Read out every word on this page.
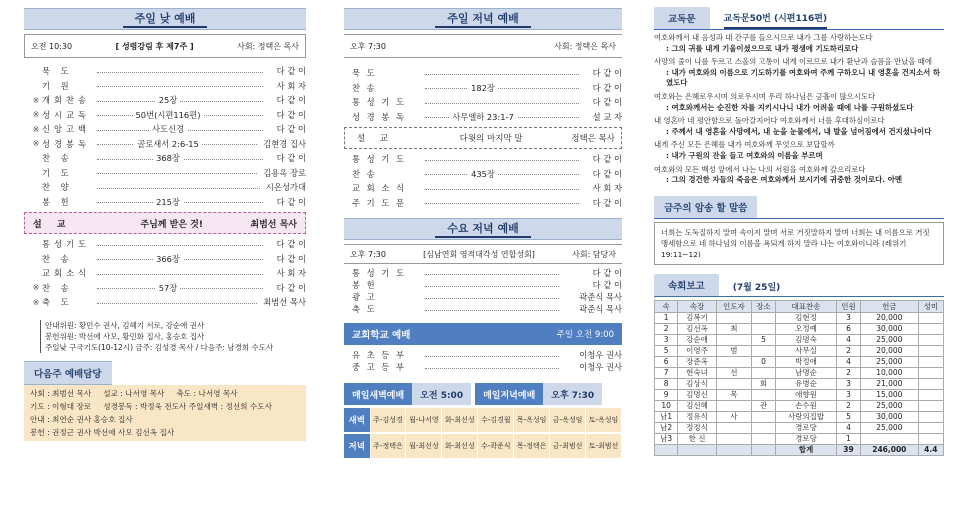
주일 낮 예배
오전 10:30	[ 성령강림 후 제7주 ]	사회: 정택은 목사
묵 도	다 같 이
기 원	사 회 자
※ 개회찬송	25장	다 같 이
※ 성시교독	50번(시편116편)	다 같 이
※ 신앙고백	사도신경	다 같 이
※ 성경봉독	골로새서 2:6-15	김현경 집사
찬 송	368장	다 같 이
기 도	김용옥 장로
찬 양	시온성가대
봉 헌	215장	다 같 이
설 교	주님께 받은 것!	최범선 목사
통성기도	다 같 이
찬 송	366장	다 같 이
교회소식	사 회 자
※ 찬 송	57장	다 같 이
※ 축 도	최범선 목사
안내위원: 황민수 권사, 김혜기 서로, 강순애 권사
봉헌위원: 박선애 사모, 황민화 집사, 홍승호 집사
주일낮 구국기도(10-12시) 금주: 김성경 목사 / 다음주: 남경희 수도사
다음주 예배담당
사회 : 최범선 목사     설교 : 나서영 목사     축도 : 나서영 목사
기도 : 이형대 장로     성경봉독 : 박정욱 전도사 주일새벽 : 정선희 수도사
안내 : 최연순 권사 홍승호 집사
봉헌 : 권정근 권사 박선애 사모 김선옥 집사
주일 저녁 예배
오후 7:30	사회: 정택은 목사
묵 도	다 같 이
찬 송	182장	다 같 이
통 성 기 도	다 같 이
성 경 봉 독	사무엘하 23:1-7	설 교 자
설 교	다윗의 마지막 말	정택은 목사
통 성 기 도	다 같 이
찬 송	435장	다 같 이
교 회 소 식	사 회 자
주 기 도 문	다 같 이
수요 저녁 예배
오후 7:30	[심남연회 영적대각성 연합성회]	사회: 담당자
통 성 기 도	다 같 이
봉 헌	다 같 이
광 고	곽준식 목사
축 도	곽준식 목사
교회학교 예배	주일 오전 9:00
유 초 등 부	이청우 권사
중 고 등 부	이청우 권사
매일새벽예배	오전 5:00	매일저녁예배	오후 7:30
새벽	주-김성경	월-나서영	화-최선성	수-김경월	목-옥성임	금-옥성임	토-옥성임

저녁	주-정택은	월-최선성	화-최선성	수-곽준식	목-정택은	금-최범선	토-최범선
교독문	교독문50번 (시편116편)
여호와께서 내 음성과 내 간구를 들으시므로 내가 그를 사랑하는도다
: 그의 귀를 내게 기울이셨으므로 내가 평생에 기도하리로다
사망의 줄이 나를 두르고 스올의 고통이 내게 이르므로 내가 환난과 슬픔을 만났을 때에
: 내가 여호와의 이름으로 기도하기를 여호와여 주께 구하오니 내 영혼을 건지소서 하였도다
여호와는 은혜로우시며 의로우시며 우리 하나님은 긍휼이 많으시도다
: 여호와께서는 순진한 자를 지키시나니 내가 어려울 때에 나를 구원하셨도다
내 영혼아 네 평안함으로 돌아갈지어다 여호와께서 너를 후대하심이로다
: 주께서 내 영혼을 사망에서, 내 눈을 눈물에서, 내 발을 넘어짐에서 건지셨나이다
내게 주신 모든 은혜를 내가 여호와께 무엇으로 보답할까
: 내가 구원의 잔을 들고 여호와의 이름을 부르며
여호와의 모든 백성 앞에서 나는 나의 서원을 여호와께 갚으리로다
: 그의 경건한 자들의 죽음은 여호와께서 보시기에 귀중한 것이로다. 아멘
금주의 암송 할 말씀
너희는 도둑질하지 말며 속이지 말며 서로 거짓말하지 말며 너희는 내 이름으로 거짓 맹세함으로 네 하나님의 이름을 욕되게 하지 말라 나는 여호와이니라 (레위기 19:11~12)
속회보고	(7월 25일)
속	속장	인도자	장소	대표찬송	인원	헌금	성미
1	김복기			김현정	3	20,000	
2	김선옥	최		오정예	6	30,000	
3	강순애		5	김명숙	4	25,000	
5	이영주	범		사무실	2	20,000	
6	장준옥		0	박정애	4	25,000	
7	현숙녀	선		남명순	2	10,000	
8	김상식		회	유병순	3	21,000	
9	김명신	목		애향원	3	15,000	
10	김선혜		관	손수원	2	25,000	
남1	정유식	사		사랑의집밥	5	30,000	
남2	정정식			경로당	4	25,000	
남3	한 신			경로당	1		
				합계	39	246,000	4.4
